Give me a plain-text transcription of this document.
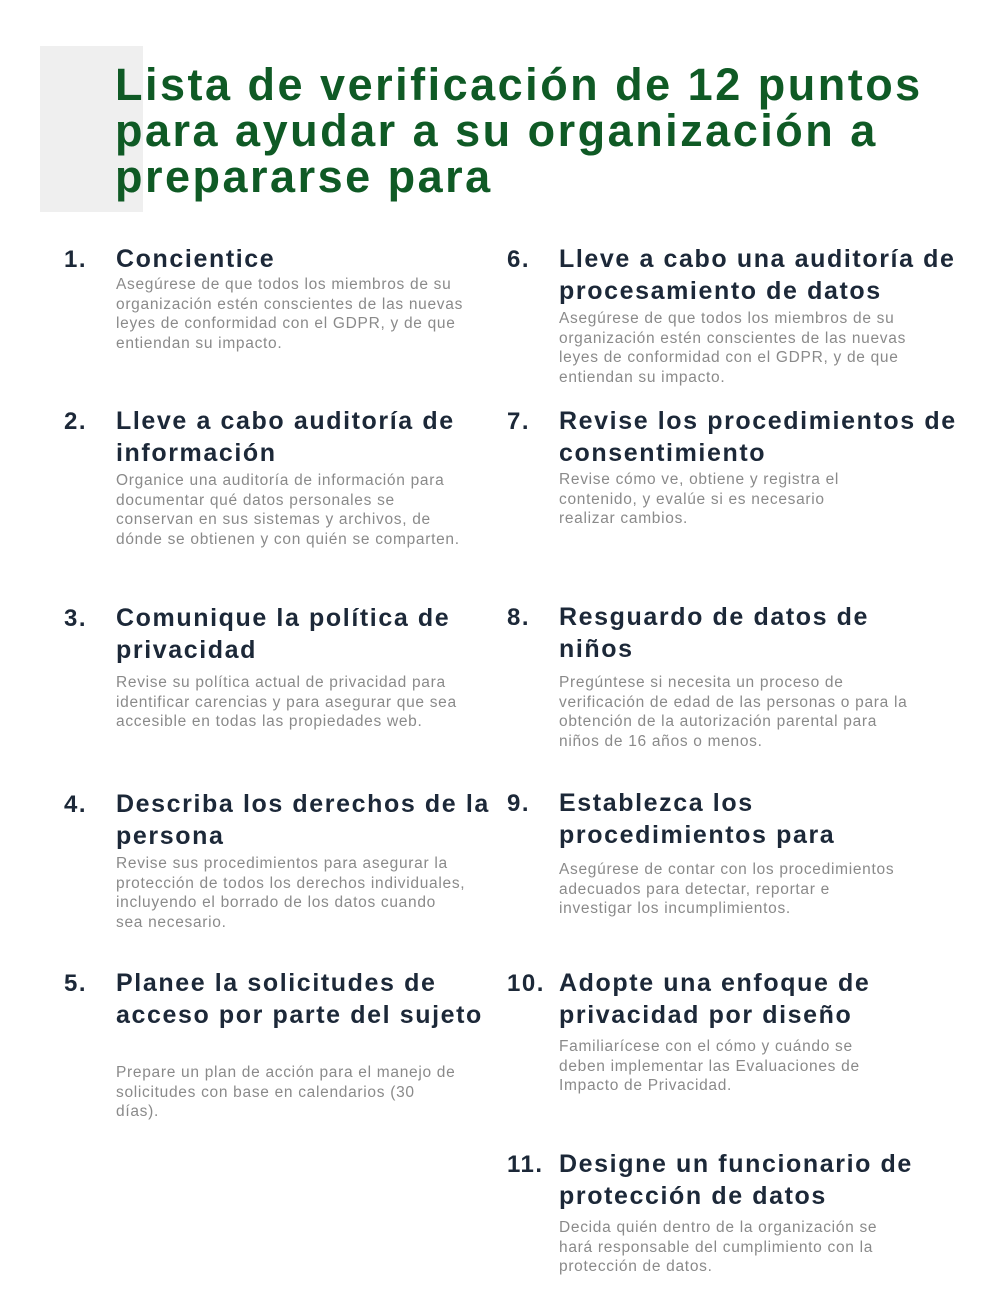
Lista de verificación de 12 puntos para ayudar a su organización a prepararse para
1. Concientice

Asegúrese de que todos los miembros de su organización estén conscientes de las nuevas leyes de conformidad con el GDPR, y de que entiendan su impacto.

2. Lleve a cabo auditoría de información

Organice una auditoría de información para documentar qué datos personales se conservan en sus sistemas y archivos, de dónde se obtienen y con quién se comparten.

3. Comunique la política de privacidad

Revise su política actual de privacidad para identificar carencias y para asegurar que sea accesible en todas las propiedades web.

4. Describa los derechos de la persona

Revise sus procedimientos para asegurar la protección de todos los derechos individuales, incluyendo el borrado de los datos cuando sea necesario.

5. Planee la solicitudes de acceso por parte del sujeto

Prepare un plan de acción para el manejo de solicitudes con base en calendarios (30 días).

6. Lleve a cabo una auditoría de procesamiento de datos

Asegúrese de que todos los miembros de su organización estén conscientes de las nuevas leyes de conformidad con el GDPR, y de que entiendan su impacto.

7. Revise los procedimientos de consentimiento

Revise cómo ve, obtiene y registra el contenido, y evalúe si es necesario realizar cambios.

8. Resguardo de datos de niños

Pregúntese si necesita un proceso de verificación de edad de las personas o para la obtención de la autorización parental para niños de 16 años o menos.

9. Establezca los procedimientos para

Asegúrese de contar con los procedimientos adecuados para detectar, reportar e investigar los incumplimientos.

10. Adopte una enfoque de privacidad por diseño

Familiarícese con el cómo y cuándo se deben implementar las Evaluaciones de Impacto de Privacidad.

11. Designe un funcionario de protección de datos

Decida quién dentro de la organización se hará responsable del cumplimiento con la protección de datos.
